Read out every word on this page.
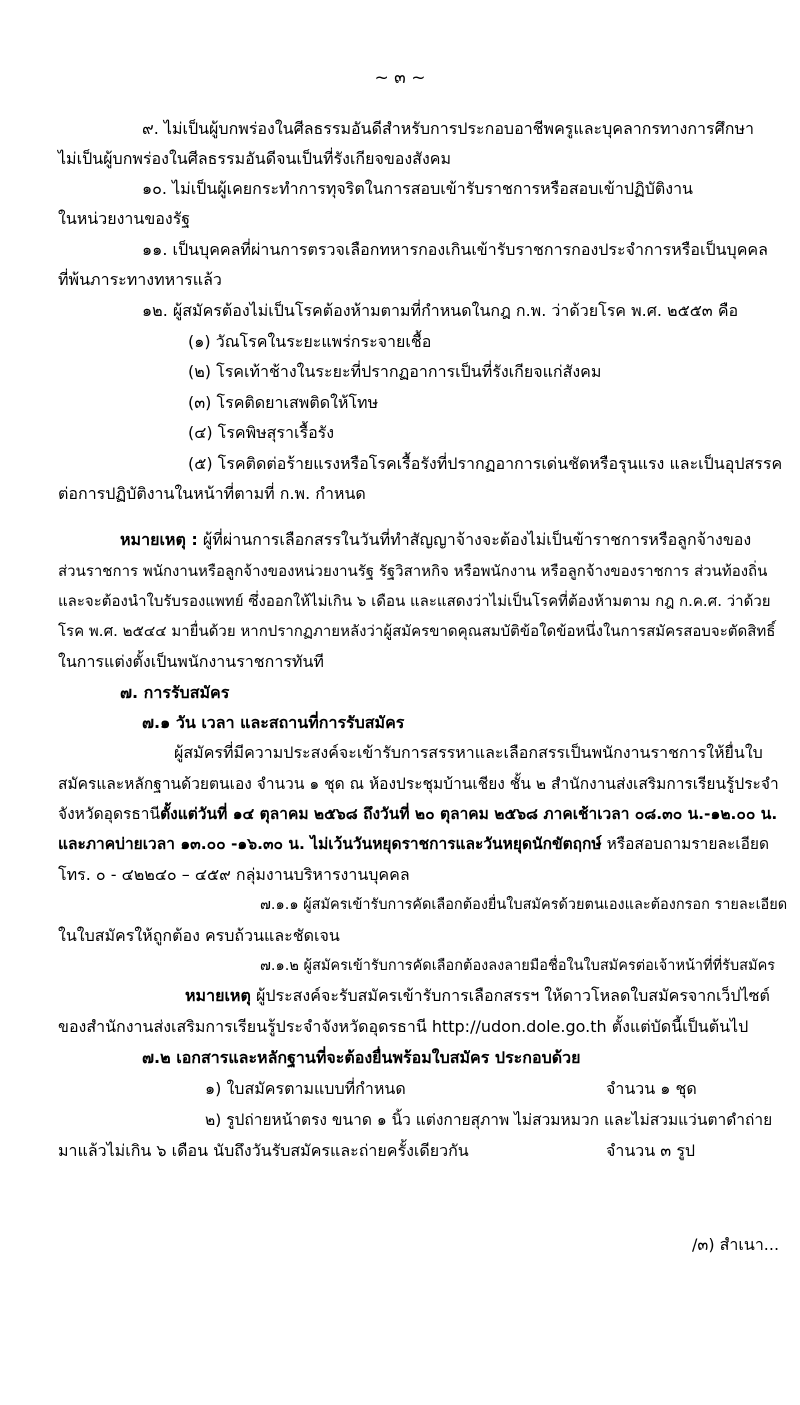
~ ๓ ~
๙. ไม่เป็นผู้บกพร่องในศีลธรรมอันดีสำหรับการประกอบอาชีพครูและบุคลากรทางการศึกษา
ไม่เป็นผู้บกพร่องในศีลธรรมอันดีจนเป็นที่รังเกียจของสังคม
๑๐. ไม่เป็นผู้เคยกระทำการทุจริตในการสอบเข้ารับราชการหรือสอบเข้าปฏิบัติงาน
ในหน่วยงานของรัฐ
๑๑. เป็นบุคคลที่ผ่านการตรวจเลือกทหารกองเกินเข้ารับราชการกองประจำการหรือเป็นบุคคล
ที่พ้นภาระทางทหารแล้ว
๑๒. ผู้สมัครต้องไม่เป็นโรคต้องห้ามตามที่กำหนดในกฎ ก.พ. ว่าด้วยโรค พ.ศ. ๒๕๕๓ คือ
(๑) วัณโรคในระยะแพร่กระจายเชื้อ
(๒) โรคเท้าช้างในระยะที่ปรากฏอาการเป็นที่รังเกียจแก่สังคม
(๓) โรคติดยาเสพติดให้โทษ
(๔) โรคพิษสุราเรื้อรัง
(๕) โรคติดต่อร้ายแรงหรือโรคเรื้อรังที่ปรากฏอาการเด่นชัดหรือรุนแรง และเป็นอุปสรรค
ต่อการปฏิบัติงานในหน้าที่ตามที่ ก.พ. กำหนด
หมายเหตุ : ผู้ที่ผ่านการเลือกสรรในวันที่ทำสัญญาจ้างจะต้องไม่เป็นข้าราชการหรือลูกจ้างของ
ส่วนราชการ พนักงานหรือลูกจ้างของหน่วยงานรัฐ รัฐวิสาหกิจ หรือพนักงาน หรือลูกจ้างของราชการ ส่วนท้องถิ่น
และจะต้องนำใบรับรองแพทย์ ซึ่งออกให้ไม่เกิน ๖ เดือน และแสดงว่าไม่เป็นโรคที่ต้องห้ามตาม กฎ ก.ค.ศ. ว่าด้วย
โรค พ.ศ. ๒๕๔๔ มายื่นด้วย หากปรากฏภายหลังว่าผู้สมัครขาดคุณสมบัติข้อใดข้อหนึ่งในการสมัครสอบจะตัดสิทธิ์
ในการแต่งตั้งเป็นพนักงานราชการทันที
๗. การรับสมัคร
๗.๑ วัน เวลา และสถานที่การรับสมัคร
ผู้สมัครที่มีความประสงค์จะเข้ารับการสรรหาและเลือกสรรเป็นพนักงานราชการให้ยื่นใบ
สมัครและหลักฐานด้วยตนเอง จำนวน ๑ ชุด ณ ห้องประชุมบ้านเชียง ชั้น ๒ สำนักงานส่งเสริมการเรียนรู้ประจำ
จังหวัดอุดรธานีตั้งแต่วันที่ ๑๔ ตุลาคม ๒๕๖๘ ถึงวันที่ ๒๐ ตุลาคม ๒๕๖๘ ภาคเช้าเวลา ๐๘.๓๐ น.-๑๒.๐๐ น.
และภาคบ่ายเวลา ๑๓.๐๐ -๑๖.๓๐ น. ไม่เว้นวันหยุดราชการและวันหยุดนักขัตฤกษ์ หรือสอบถามรายละเอียด
โทร. ๐ - ๔๒๒๔๐ – ๔๕๙ กลุ่มงานบริหารงานบุคคล
๗.๑.๑ ผู้สมัครเข้ารับการคัดเลือกต้องยื่นใบสมัครด้วยตนเองและต้องกรอก รายละเอียด
ในใบสมัครให้ถูกต้อง ครบถ้วนและชัดเจน
๗.๑.๒ ผู้สมัครเข้ารับการคัดเลือกต้องลงลายมือชื่อในใบสมัครต่อเจ้าหน้าที่ที่รับสมัคร
หมายเหตุ ผู้ประสงค์จะรับสมัครเข้ารับการเลือกสรรฯ ให้ดาวโหลดใบสมัครจากเว็ปไซต์
ของสำนักงานส่งเสริมการเรียนรู้ประจำจังหวัดอุดรธานี http://udon.dole.go.th ตั้งแต่บัดนี้เป็นต้นไป
๗.๒ เอกสารและหลักฐานที่จะต้องยื่นพร้อมใบสมัคร ประกอบด้วย
๑) ใบสมัครตามแบบที่กำหนด	จำนวน ๑ ชุด
๒) รูปถ่ายหน้าตรง ขนาด ๑ นิ้ว แต่งกายสุภาพ ไม่สวมหมวก และไม่สวมแว่นตาดำถ่าย
มาแล้วไม่เกิน ๖ เดือน นับถึงวันรับสมัครและถ่ายครั้งเดียวกัน	จำนวน ๓ รูป
/๓) สำเนา...
